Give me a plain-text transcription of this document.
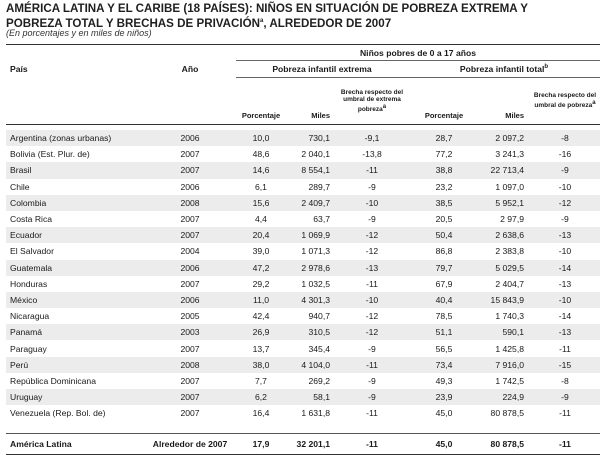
AMÉRICA LATINA Y EL CARIBE (18 PAÍSES): NIÑOS EN SITUACIÓN DE POBREZA EXTREMA Y
POBREZA TOTAL Y BRECHAS DE PRIVACIÓN$^a$, ALREDEDOR DE 2007
(En porcentajes y en miles de niños)
		Niños pobres de 0 a 17 años					
País	Año	Pobreza infantil extrema			Pobreza infantil total$^b$
		Porcentaje	Miles	Brecha respecto del umbral de extrema pobrezaa	Porcentaje	Miles	Brecha respecto del umbral de pobrezaa

Argentina (zonas urbanas)	2006	10,0	730,1	-9,1	28,7	2 097,2	-8
Bolivia (Est. Plur. de)	2007	48,6	2 040,1	-13,8	77,2	3 241,3	-16
Brasil	2007	14,6	8 554,1	-11	38,8	22 713,4	-9
Chile	2006	6,1	289,7	-9	23,2	1 097,0	-10
Colombia	2008	15,6	2 409,7	-10	38,5	5 952,1	-12
Costa Rica	2007	4,4	63,7	-9	20,5	2 97,9	-9
Ecuador	2007	20,4	1 069,9	-12	50,4	2 638,6	-13
El Salvador	2004	39,0	1 071,3	-12	86,8	2 383,8	-10
Guatemala	2006	47,2	2 978,6	-13	79,7	5 029,5	-14
Honduras	2007	29,2	1 032,5	-11	67,9	2 404,7	-13
México	2006	11,0	4 301,3	-10	40,4	15 843,9	-10
Nicaragua	2005	42,4	940,7	-12	78,5	1 740,3	-14
Panamá	2003	26,9	310,5	-12	51,1	590,1	-13
Paraguay	2007	13,7	345,4	-9	56,5	1 425,8	-11
Perú	2008	38,0	4 104,0	-11	73,4	7 916,0	-15
República Dominicana	2007	7,7	269,2	-9	49,3	1 742,5	-8
Uruguay	2007	6,2	58,1	-9	23,9	224,9	-9
Venezuela (Rep. Bol. de)	2007	16,4	1 631,8	-11	45,0	80 878,5	-11

América Latina	Alrededor de 2007	17,9	32 201,1	-11	45,0	80 878,5	-11
